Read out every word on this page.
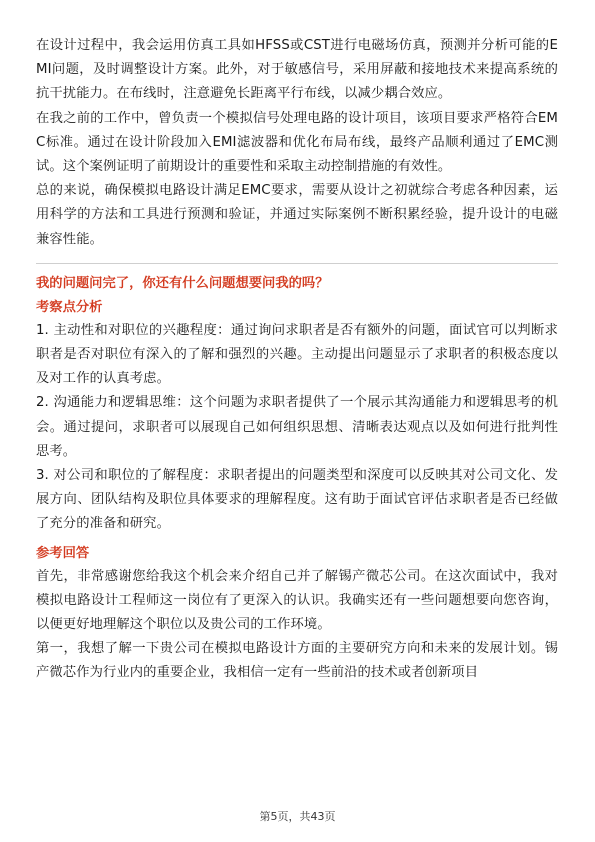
在设计过程中，我会运用仿真工具如HFSS或CST进行电磁场仿真，预测并分析可能的EMI问题，及时调整设计方案。此外，对于敏感信号，采用屏蔽和接地技术来提高系统的抗干扰能力。在布线时，注意避免长距离平行布线，以减少耦合效应。

在我之前的工作中，曾负责一个模拟信号处理电路的设计项目，该项目要求严格符合EMC标准。通过在设计阶段加入EMI滤波器和优化布局布线，最终产品顺利通过了EMC测试。这个案例证明了前期设计的重要性和采取主动控制措施的有效性。

总的来说，确保模拟电路设计满足EMC要求，需要从设计之初就综合考虑各种因素，运用科学的方法和工具进行预测和验证，并通过实际案例不断积累经验，提升设计的电磁兼容性能。

我的问题问完了，你还有什么问题想要问我的吗？

考察点分析

1. 主动性和对职位的兴趣程度：通过询问求职者是否有额外的问题，面试官可以判断求职者是否对职位有深入的了解和强烈的兴趣。主动提出问题显示了求职者的积极态度以及对工作的认真考虑。

2. 沟通能力和逻辑思维：这个问题为求职者提供了一个展示其沟通能力和逻辑思考的机会。通过提问，求职者可以展现自己如何组织思想、清晰表达观点以及如何进行批判性思考。

3. 对公司和职位的了解程度：求职者提出的问题类型和深度可以反映其对公司文化、发展方向、团队结构及职位具体要求的理解程度。这有助于面试官评估求职者是否已经做了充分的准备和研究。

参考回答

首先，非常感谢您给我这个机会来介绍自己并了解锡产微芯公司。在这次面试中，我对模拟电路设计工程师这一岗位有了更深入的认识。我确实还有一些问题想要向您咨询，以便更好地理解这个职位以及贵公司的工作环境。

第一，我想了解一下贵公司在模拟电路设计方面的主要研究方向和未来的发展计划。锡产微芯作为行业内的重要企业，我相信一定有一些前沿的技术或者创新项目

第5页，共43页
